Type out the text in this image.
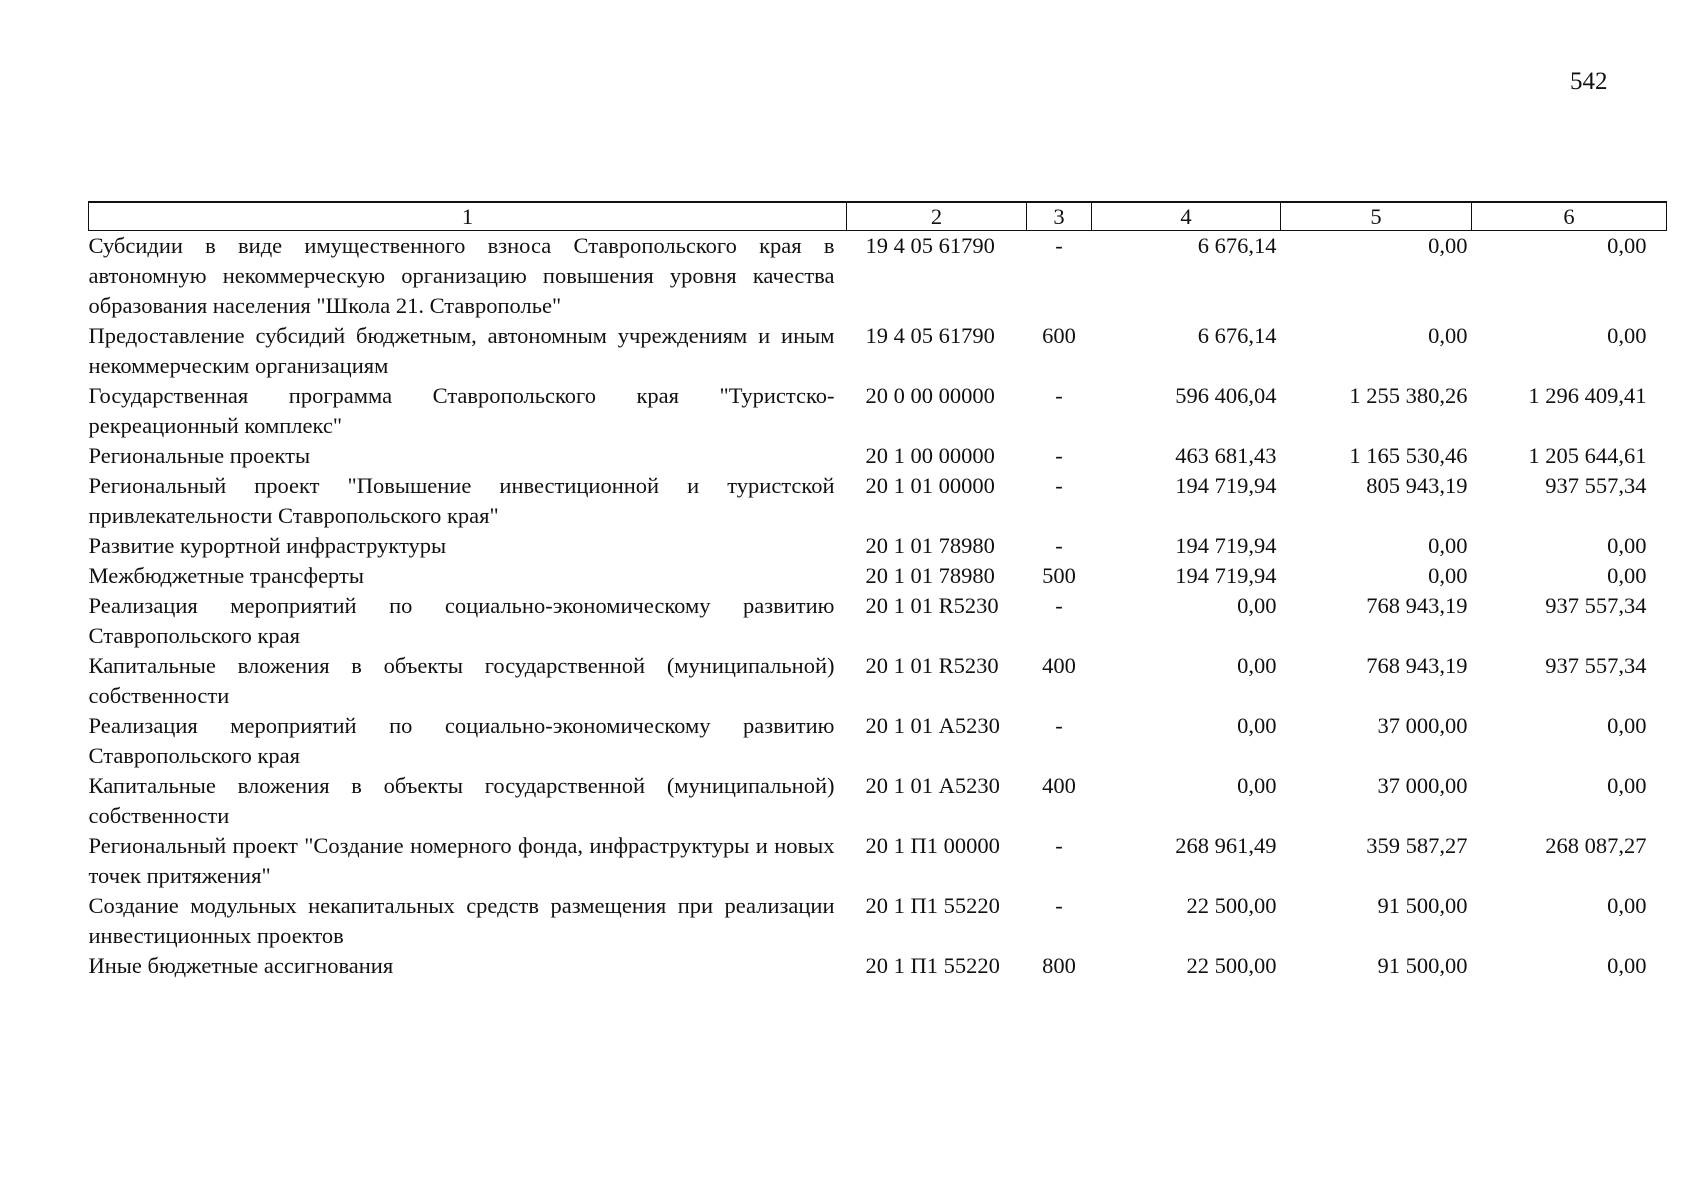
542
1	2	3	4	5	6
Субсидии в виде имущественного взноса Ставропольского края в автономную некоммерческую организацию повышения уровня качества образования населения "Школа 21. Ставрополье"	19 4 05 61790	-	6 676,14	0,00	0,00
Предоставление субсидий бюджетным, автономным учреждениям и иным некоммерческим организациям	19 4 05 61790	600	6 676,14	0,00	0,00
Государственная программа Ставропольского края "Туристско-рекреационный комплекс"	20 0 00 00000	-	596 406,04	1 255 380,26	1 296 409,41
Региональные проекты	20 1 00 00000	-	463 681,43	1 165 530,46	1 205 644,61
Региональный проект "Повышение инвестиционной и туристской привлекательности Ставропольского края"	20 1 01 00000	-	194 719,94	805 943,19	937 557,34
Развитие курортной инфраструктуры	20 1 01 78980	-	194 719,94	0,00	0,00
Межбюджетные трансферты	20 1 01 78980	500	194 719,94	0,00	0,00
Реализация мероприятий по социально-экономическому развитию Ставропольского края	20 1 01 R5230	-	0,00	768 943,19	937 557,34
Капитальные вложения в объекты государственной (муниципальной) собственности	20 1 01 R5230	400	0,00	768 943,19	937 557,34
Реализация мероприятий по социально-экономическому развитию Ставропольского края	20 1 01 А5230	-	0,00	37 000,00	0,00
Капитальные вложения в объекты государственной (муниципальной) собственности	20 1 01 А5230	400	0,00	37 000,00	0,00
Региональный проект "Создание номерного фонда, инфраструктуры и новых точек притяжения"	20 1 П1 00000	-	268 961,49	359 587,27	268 087,27
Создание модульных некапитальных средств размещения при реализации инвестиционных проектов	20 1 П1 55220	-	22 500,00	91 500,00	0,00
Иные бюджетные ассигнования	20 1 П1 55220	800	22 500,00	91 500,00	0,00
